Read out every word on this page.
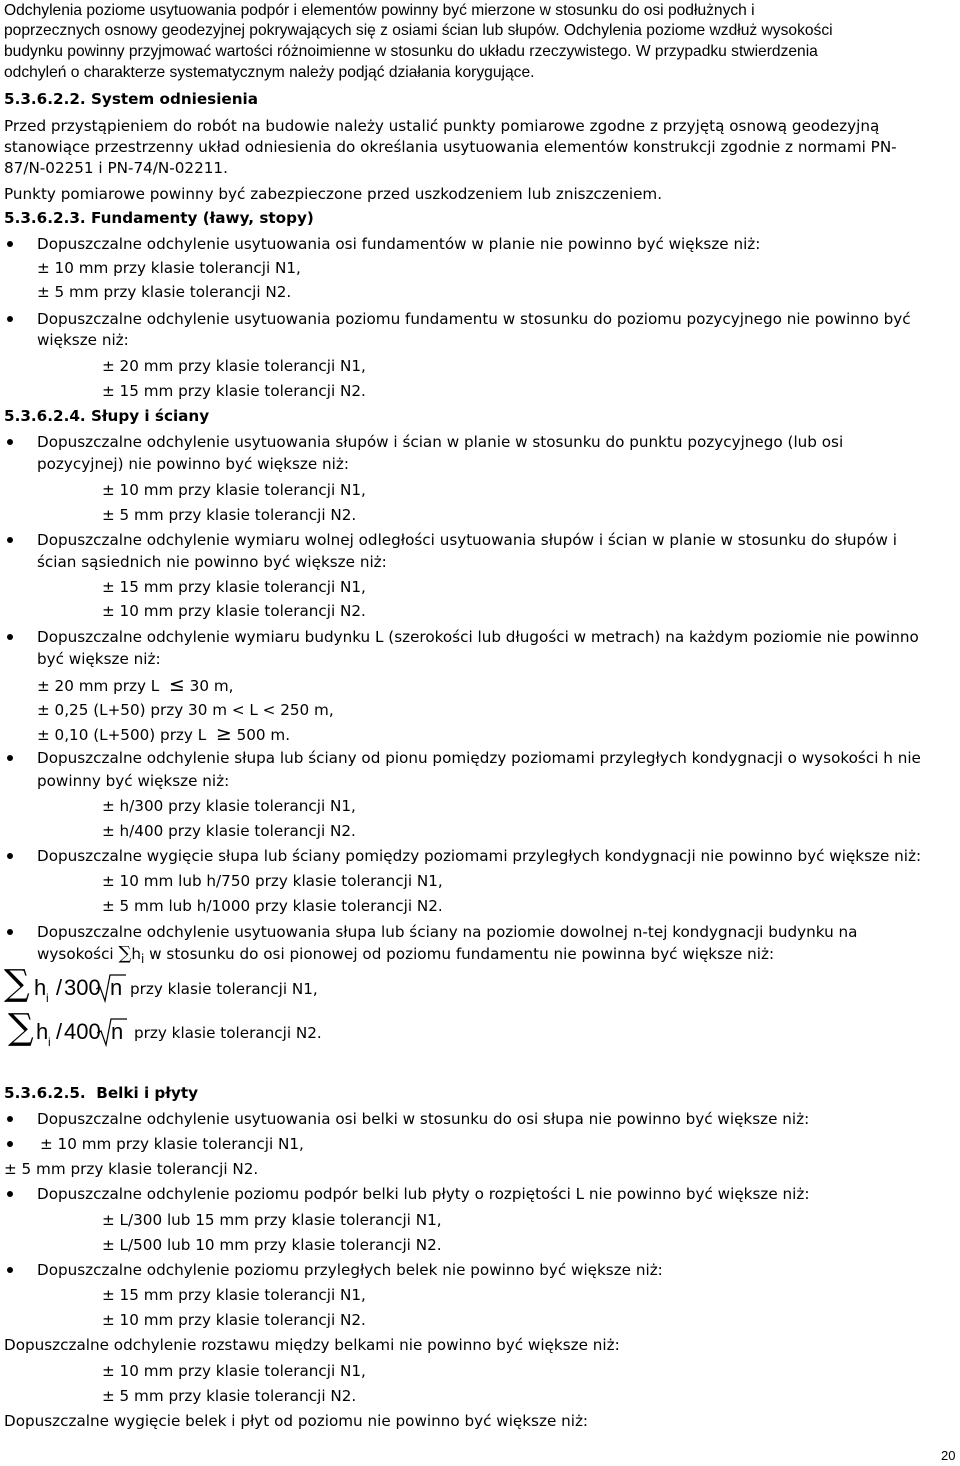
Odchylenia poziome usytuowania podpór i elementów powinny być mierzone w stosunku do osi podłużnych i
poprzecznych osnowy geodezyjnej pokrywających się z osiami ścian lub słupów. Odchylenia poziome wzdłuż wysokości
budynku powinny przyjmować wartości różnoimienne w stosunku do układu rzeczywistego. W przypadku stwierdzenia
odchyleń o charakterze systematycznym należy podjąć działania korygujące.
5.3.6.2.2. System odniesienia
Przed przystąpieniem do robót na budowie należy ustalić punkty pomiarowe zgodne z przyjętą osnową geodezyjną
stanowiące przestrzenny układ odniesienia do określania usytuowania elementów konstrukcji zgodnie z normami PN-
87/N-02251 i PN-74/N-02211.
Punkty pomiarowe powinny być zabezpieczone przed uszkodzeniem lub zniszczeniem.
5.3.6.2.3. Fundamenty (ławy, stopy)
Dopuszczalne odchylenie usytuowania osi fundamentów w planie nie powinno być większe niż:
± 10 mm przy klasie tolerancji N1,
± 5 mm przy klasie tolerancji N2.
Dopuszczalne odchylenie usytuowania poziomu fundamentu w stosunku do poziomu pozycyjnego nie powinno być
większe niż:
± 20 mm przy klasie tolerancji N1,
± 15 mm przy klasie tolerancji N2.
5.3.6.2.4. Słupy i ściany
Dopuszczalne odchylenie usytuowania słupów i ścian w planie w stosunku do punktu pozycyjnego (lub osi
pozycyjnej) nie powinno być większe niż:
± 10 mm przy klasie tolerancji N1,
± 5 mm przy klasie tolerancji N2.
Dopuszczalne odchylenie wymiaru wolnej odległości usytuowania słupów i ścian w planie w stosunku do słupów i
ścian sąsiednich nie powinno być większe niż:
± 15 mm przy klasie tolerancji N1,
± 10 mm przy klasie tolerancji N2.
Dopuszczalne odchylenie wymiaru budynku L (szerokości lub długości w metrach) na każdym poziomie nie powinno
być większe niż:
± 20 mm przy L ≤ 30 m,
± 0,25 (L+50) przy 30 m < L < 250 m,
± 0,10 (L+500) przy L ≥ 500 m.
Dopuszczalne odchylenie słupa lub ściany od pionu pomiędzy poziomami przyległych kondygnacji o wysokości h nie
powinny być większe niż:
± h/300 przy klasie tolerancji N1,
± h/400 przy klasie tolerancji N2.
Dopuszczalne wygięcie słupa lub ściany pomiędzy poziomami przyległych kondygnacji nie powinno być większe niż:
± 10 mm lub h/750 przy klasie tolerancji N1,
± 5 mm lub h/1000 przy klasie tolerancji N2.
Dopuszczalne odchylenie usytuowania słupa lub ściany na poziomie dowolnej n-tej kondygnacji budynku na
wysokości $\sum h_i$ w stosunku do osi pionowej od poziomu fundamentu nie powinna być większe niż:
∑ h i / 300 n przy klasie tolerancji N1,
∑ h i / 400 n przy klasie tolerancji N2.
5.3.6.2.5. Belki i płyty
Dopuszczalne odchylenie usytuowania osi belki w stosunku do osi słupa nie powinno być większe niż:
± 10 mm przy klasie tolerancji N1,
± 5 mm przy klasie tolerancji N2.
Dopuszczalne odchylenie poziomu podpór belki lub płyty o rozpiętości L nie powinno być większe niż:
± L/300 lub 15 mm przy klasie tolerancji N1,
± L/500 lub 10 mm przy klasie tolerancji N2.
Dopuszczalne odchylenie poziomu przyległych belek nie powinno być większe niż:
± 15 mm przy klasie tolerancji N1,
± 10 mm przy klasie tolerancji N2.
Dopuszczalne odchylenie rozstawu między belkami nie powinno być większe niż:
± 10 mm przy klasie tolerancji N1,
± 5 mm przy klasie tolerancji N2.
Dopuszczalne wygięcie belek i płyt od poziomu nie powinno być większe niż:
20
